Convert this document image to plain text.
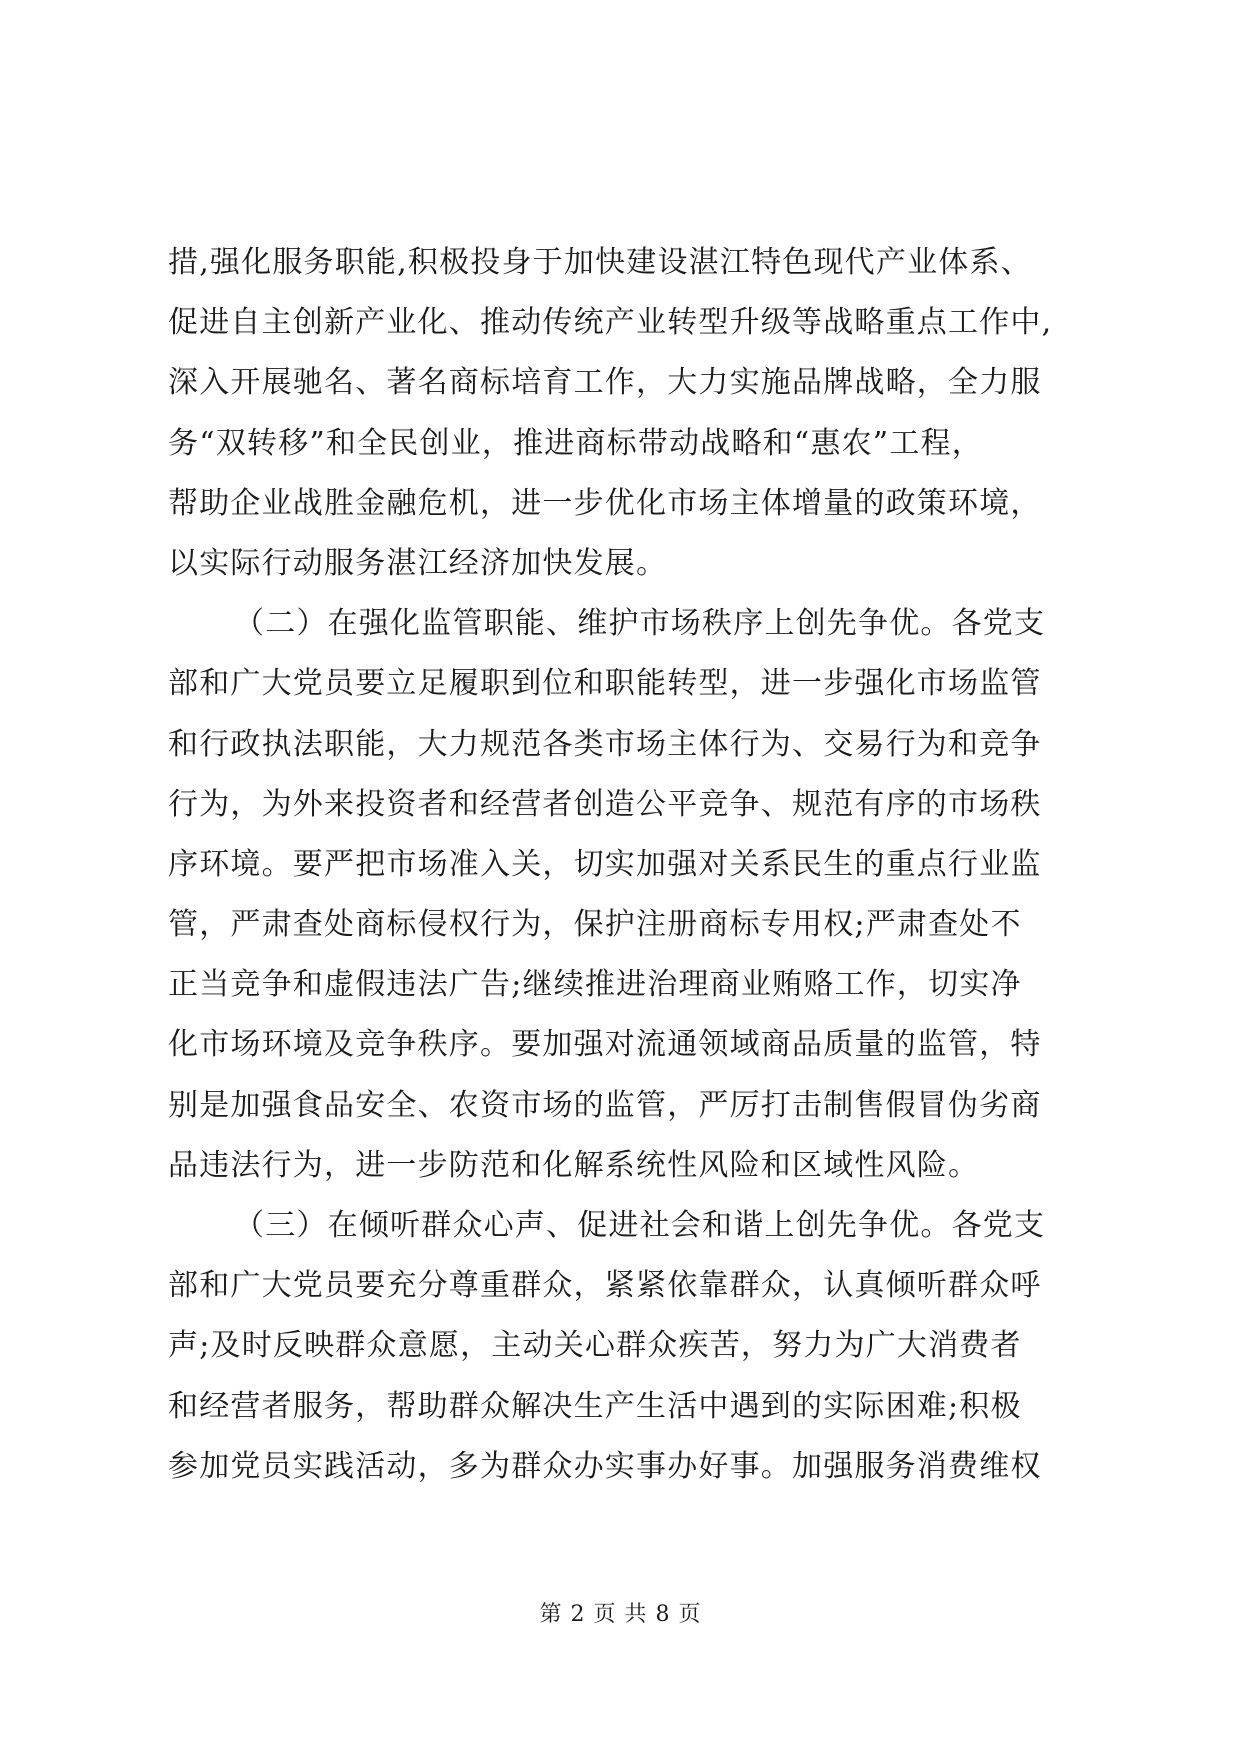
措,强化服务职能,积极投身于加快建设湛江特色现代产业体系、
促进自主创新产业化、推动传统产业转型升级等战略重点工作中,
深入开展驰名、著名商标培育工作，大力实施品牌战略，全力服
务“双转移”和全民创业，推进商标带动战略和“惠农”工程，
帮助企业战胜金融危机，进一步优化市场主体增量的政策环境，
以实际行动服务湛江经济加快发展。
（二）在强化监管职能、维护市场秩序上创先争优。各党支
部和广大党员要立足履职到位和职能转型，进一步强化市场监管
和行政执法职能，大力规范各类市场主体行为、交易行为和竞争
行为，为外来投资者和经营者创造公平竞争、规范有序的市场秩
序环境。要严把市场准入关，切实加强对关系民生的重点行业监
管，严肃查处商标侵权行为，保护注册商标专用权;严肃查处不
正当竞争和虚假违法广告;继续推进治理商业贿赂工作，切实净
化市场环境及竞争秩序。要加强对流通领域商品质量的监管，特
别是加强食品安全、农资市场的监管，严厉打击制售假冒伪劣商
品违法行为，进一步防范和化解系统性风险和区域性风险。
（三）在倾听群众心声、促进社会和谐上创先争优。各党支
部和广大党员要充分尊重群众，紧紧依靠群众，认真倾听群众呼
声;及时反映群众意愿，主动关心群众疾苦，努力为广大消费者
和经营者服务，帮助群众解决生产生活中遇到的实际困难;积极
参加党员实践活动，多为群众办实事办好事。加强服务消费维权
第 2 页 共 8 页
